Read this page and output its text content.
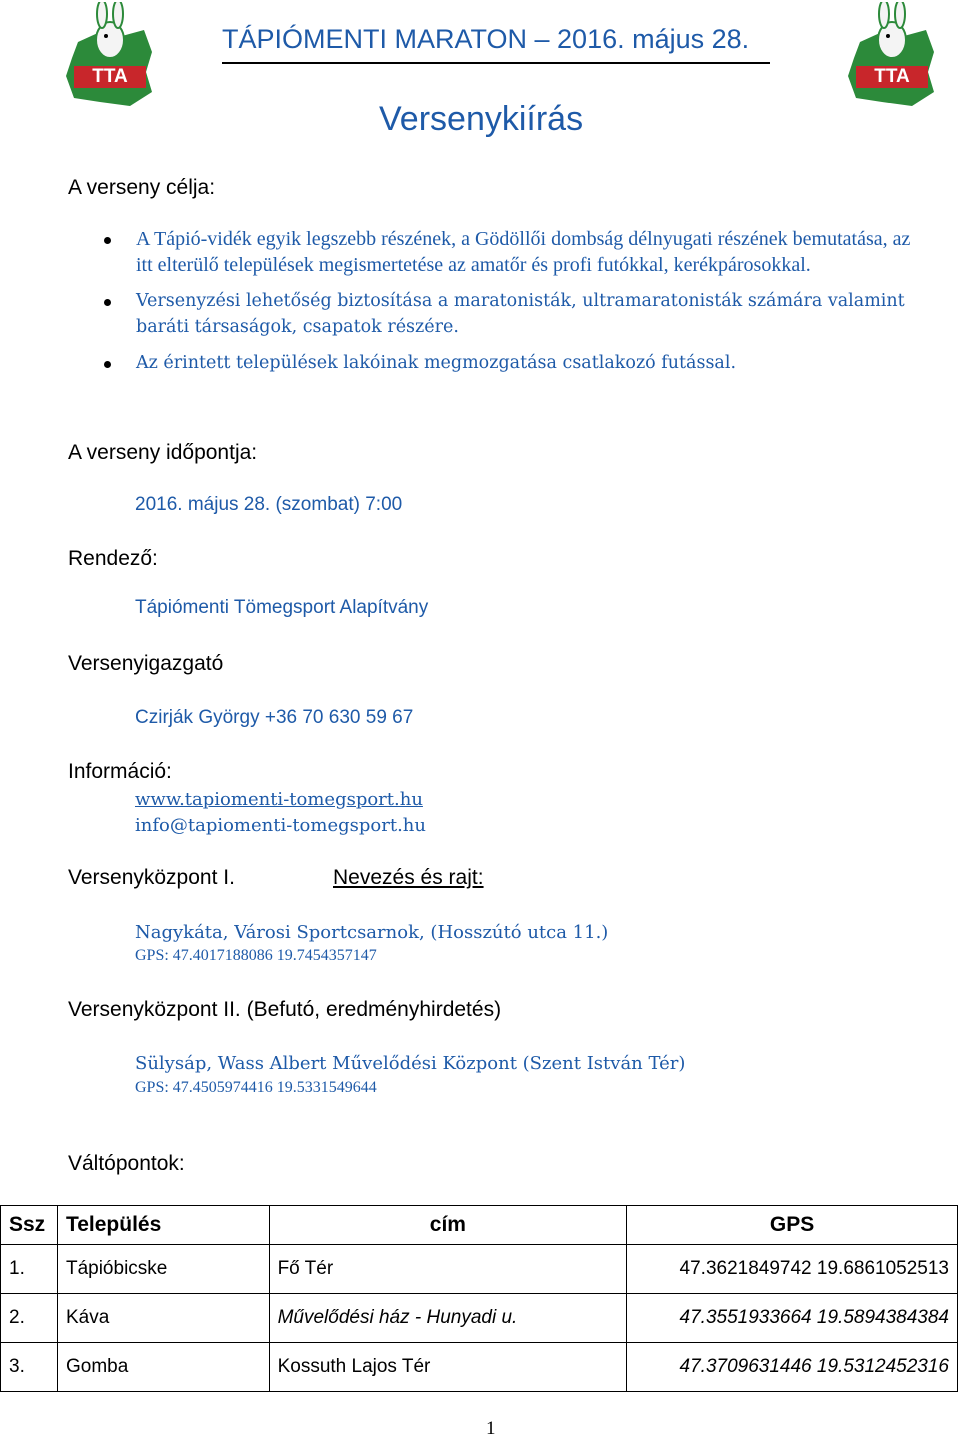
TTA	TTA
TÁPIÓMENTI MARATON – 2016. május 28.
Versenykiírás
A verseny célja:
A Tápió-vidék egyik legszebb részének, a Gödöllői dombság délnyugati részének bemutatása, az itt elterülő települések megismertetése az amatőr és profi futókkal, kerékpárosokkal.
Versenyzési lehetőség biztosítása a maratonisták, ultramaratonisták számára valamint baráti társaságok, csapatok részére.
Az érintett települések lakóinak megmozgatása csatlakozó futással.
A verseny időpontja:
2016. május 28. (szombat) 7:00
Rendező:
Tápiómenti Tömegsport Alapítvány
Versenyigazgató
Czirják György +36 70 630 59 67
Információ:
www.tapiomenti-tomegsport.hu
info@tapiomenti-tomegsport.hu
Versenyközpont I.	Nevezés és rajt:
Nagykáta, Városi Sportcsarnok, (Hosszútó utca 11.)
GPS: 47.4017188086 19.7454357147
Versenyközpont II. (Befutó, eredményhirdetés)
Sülysáp, Wass Albert Művelődési Központ (Szent István Tér)
GPS: 47.4505974416 19.5331549644
Váltópontok:
Ssz	Település	cím	GPS
1.	Tápióbicske	Fő Tér	47.3621849742 19.6861052513
2.	Káva	Művelődési ház - Hunyadi u.	47.3551933664 19.5894384384
3.	Gomba	Kossuth Lajos Tér	47.3709631446 19.5312452316
1
